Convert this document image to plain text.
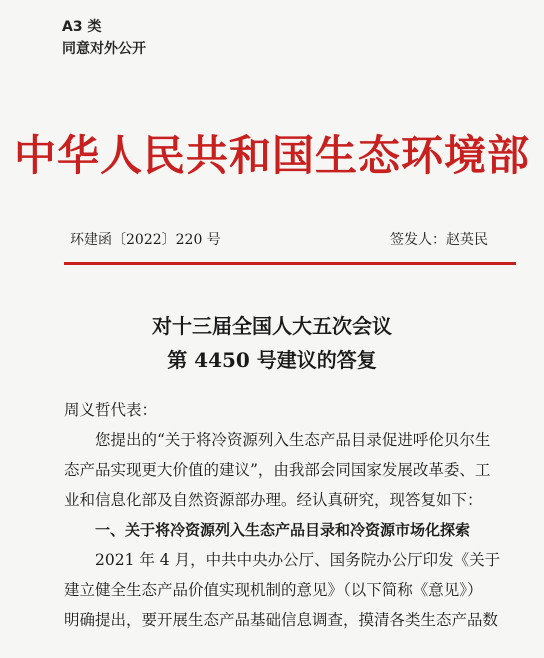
A3 类
同意对外公开
中华人民共和国生态环境部
环建函〔2022〕220 号	签发人：赵英民
对十三届全国人大五次会议
第 4450 号建议的答复
周义哲代表：
您提出的“关于将冷资源列入生态产品目录促进呼伦贝尔生
态产品实现更大价值的建议”，由我部会同国家发展改革委、工
业和信息化部及自然资源部办理。经认真研究，现答复如下：
一、关于将冷资源列入生态产品目录和冷资源市场化探索
2021 年 4 月，中共中央办公厅、国务院办公厅印发《关于
建立健全生态产品价值实现机制的意见》（以下简称《意见》）
明确提出，要开展生态产品基础信息调查，摸清各类生态产品数
